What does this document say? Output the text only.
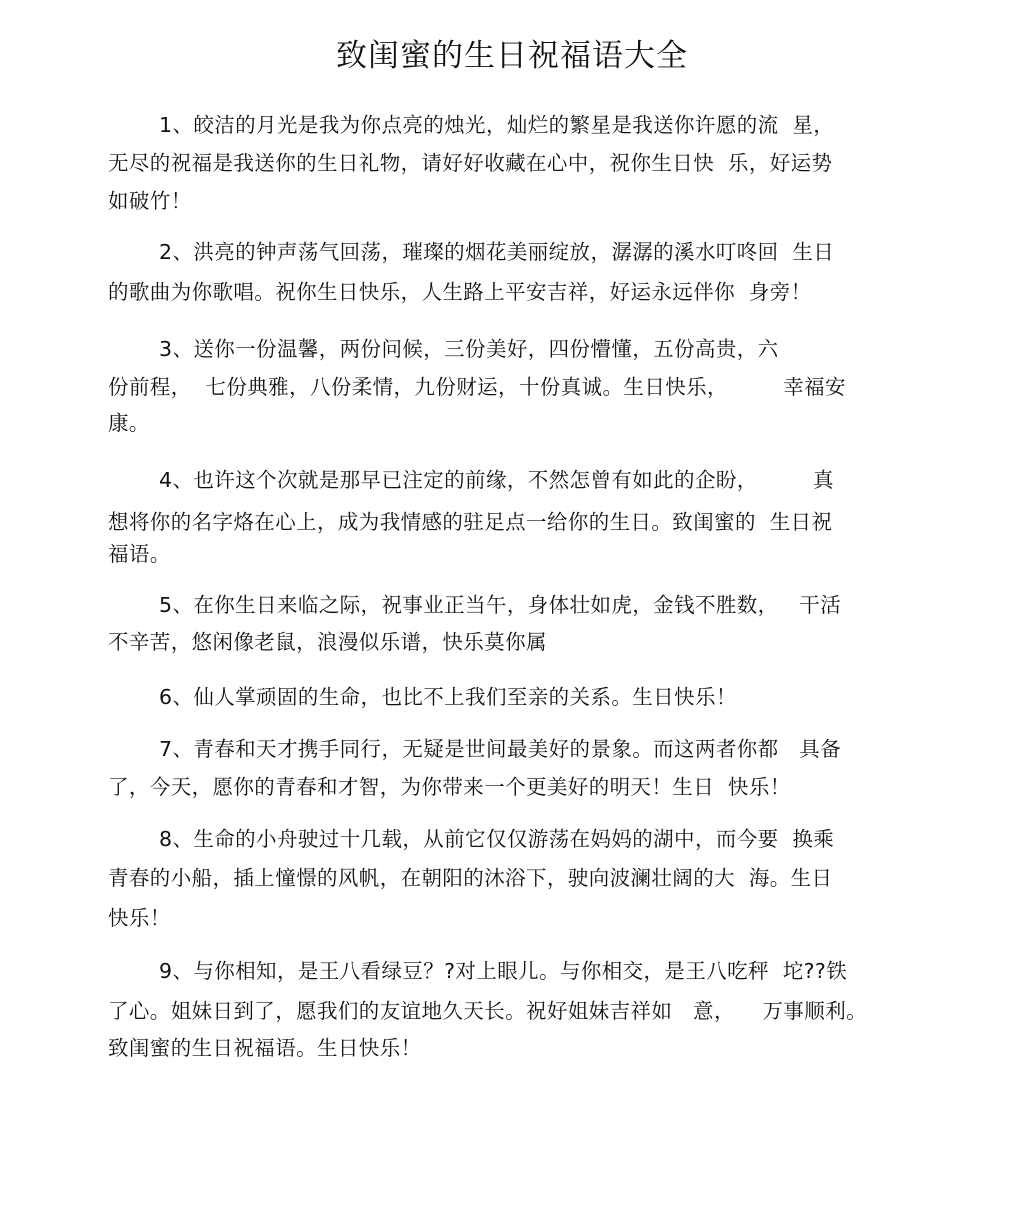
致闺蜜的生日祝福语大全
1、皎洁的月光是我为你点亮的烛光，灿烂的繁星是我送你许愿的流  星，
无尽的祝福是我送你的生日礼物，请好好收藏在心中，祝你生日快  乐，好运势
如破竹！
2、洪亮的钟声荡气回荡，璀璨的烟花美丽绽放，潺潺的溪水叮咚回  生日
的歌曲为你歌唱。祝你生日快乐，人生路上平安吉祥，好运永远伴你  身旁！
3、送你一份温馨，两份问候，三份美好，四份懵懂，五份高贵，六
份前程，  七份典雅，八份柔情，九份财运，十份真诚。生日快乐，        幸福安
康。
4、也许这个次就是那早已注定的前缘，不然怎曾有如此的企盼，        真
想将你的名字烙在心上，成为我情感的驻足点一给你的生日。致闺蜜的  生日祝
福语。
5、在你生日来临之际，祝事业正当午，身体壮如虎，金钱不胜数，   干活
不辛苦，悠闲像老鼠，浪漫似乐谱，快乐莫你属
6、仙人掌顽固的生命，也比不上我们至亲的关系。生日快乐！
7、青春和天才携手同行，无疑是世间最美好的景象。而这两者你都   具备
了，今天，愿你的青春和才智，为你带来一个更美好的明天！生日  快乐！
8、生命的小舟驶过十几载，从前它仅仅游荡在妈妈的湖中，而今要  换乘
青春的小船，插上憧憬的风帆，在朝阳的沐浴下，驶向波澜壮阔的大  海。生日
快乐！
9、与你相知，是王八看绿豆？?对上眼儿。与你相交，是王八吃秤  坨??铁
了心。姐妹日到了，愿我们的友谊地久天长。祝好姐妹吉祥如   意，    万事顺利。
致闺蜜的生日祝福语。生日快乐！
